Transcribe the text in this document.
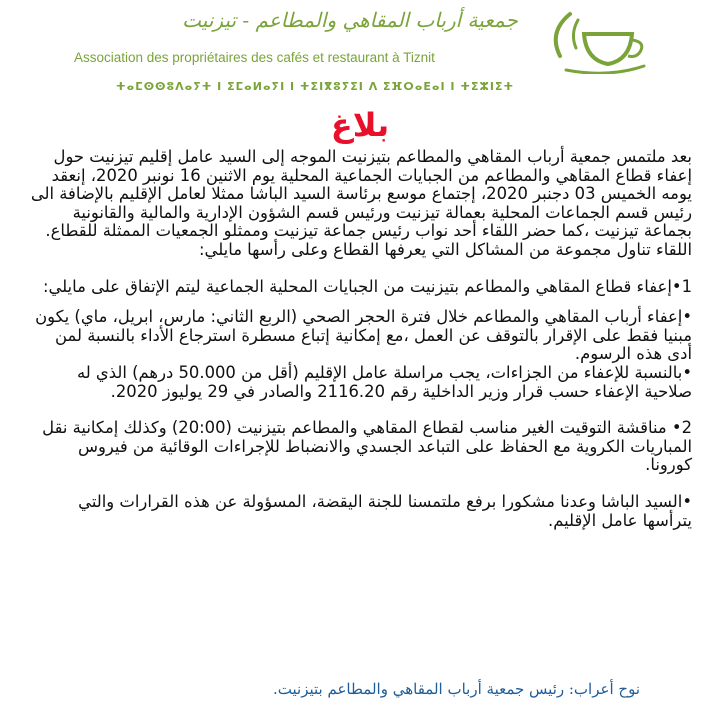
جمعية أرباب المقاهي والمطاعم - تيزنيت
Association des propriétaires des cafés et restaurant à Tiznit
ⵜⴰⵎⵙⵙⵓⴷⴰⵢⵜ ⵏ ⵉⵎⴰⵍⴰⵢⵏ ⵏ ⵜⵉⵏⴳⵓⵢⵉⵏ ⴷ ⵉⴼⵔⴰⴹⴰⵏ ⵏ ⵜⵉⵣⵏⵉⵜ
بلاغ

بعد ملتمس جمعية أرباب المقاهي والمطاعم بتيزنيت الموجه إلى السيد عامل إقليم تيزنيت حول إعفاء قطاع المقاهي والمطاعم من الجبايات الجماعية المحلية يوم الاثنين 16 نونبر 2020، إنعقد يومه الخميس 03 دجنبر 2020، إجتماع موسع برئاسة السيد الباشا ممثلا لعامل الإقليم بالإضافة الى رئيس قسم الجماعات المحلية بعمالة تيزنيت ورئيس قسم الشؤون الإدارية والمالية والقانونية بجماعة تيزنيت ،كما حضر اللقاء أحد نواب رئيس جماعة تيزنيت وممثلو الجمعيات الممثلة للقطاع.

اللقاء تناول مجموعة من المشاكل التي يعرفها القطاع وعلى رأسها مايلي:

1•إعفاء قطاع المقاهي والمطاعم بتيزنيت من الجبايات المحلية الجماعية ليتم الإتفاق على مايلي:

•إعفاء أرباب المقاهي والمطاعم خلال فترة الحجر الصحي (الربع الثاني: مارس، ابريل، ماي) يكون مبنيا فقط على الإقرار بالتوقف عن العمل ،مع إمكانية إتباع مسطرة استرجاع الأداء بالنسبة لمن أدى هذه الرسوم.

•بالنسبة للإعفاء من الجزاءات، يجب مراسلة عامل الإقليم (أقل من 50.000 درهم) الذي له صلاحية الإعفاء حسب قرار وزير الداخلية رقم 2116.20 والصادر في 29 يوليوز 2020.

2• مناقشة التوقيت الغير مناسب لقطاع المقاهي والمطاعم بتيزنيت (20:00) وكذلك إمكانية نقل المباريات الكروية مع الحفاظ على التباعد الجسدي والانضباط للإجراءات الوقائية من فيروس كورونا.

•السيد الباشا وعدنا مشكورا برفع ملتمسنا للجنة اليقضة، المسؤولة عن هذه القرارات والتي يترأسها عامل الإقليم.

نوح أعراب: رئيس جمعية أرباب المقاهي والمطاعم بتيزنيت.
